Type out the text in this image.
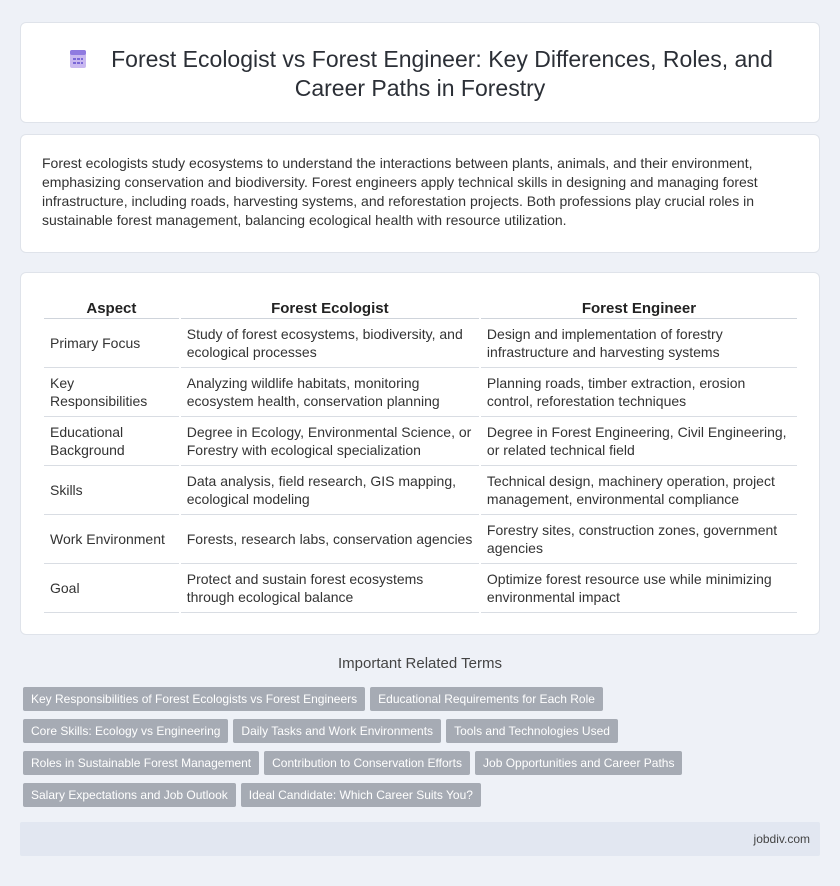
Forest Ecologist vs Forest Engineer: Key Differences, Roles, and Career Paths in Forestry

Forest ecologists study ecosystems to understand the interactions between plants, animals, and their environment, emphasizing conservation and biodiversity. Forest engineers apply technical skills in designing and managing forest infrastructure, including roads, harvesting systems, and reforestation projects. Both professions play crucial roles in sustainable forest management, balancing ecological health with resource utilization.

Aspect	Forest Ecologist	Forest Engineer
Primary Focus	Study of forest ecosystems, biodiversity, and ecological processes	Design and implementation of forestry infrastructure and harvesting systems
Key Responsibilities	Analyzing wildlife habitats, monitoring ecosystem health, conservation planning	Planning roads, timber extraction, erosion control, reforestation techniques
Educational Background	Degree in Ecology, Environmental Science, or Forestry with ecological specialization	Degree in Forest Engineering, Civil Engineering, or related technical field
Skills	Data analysis, field research, GIS mapping, ecological modeling	Technical design, machinery operation, project management, environmental compliance
Work Environment	Forests, research labs, conservation agencies	Forestry sites, construction zones, government agencies
Goal	Protect and sustain forest ecosystems through ecological balance	Optimize forest resource use while minimizing environmental impact
Important Related Terms
Key Responsibilities of Forest Ecologists vs Forest Engineers Educational Requirements for Each RoleCore Skills: Ecology vs Engineering Daily Tasks and Work Environments Tools and Technologies UsedRoles in Sustainable Forest Management Contribution to Conservation Efforts Job Opportunities and Career PathsSalary Expectations and Job Outlook Ideal Candidate: Which Career Suits You?
jobdiv.com
